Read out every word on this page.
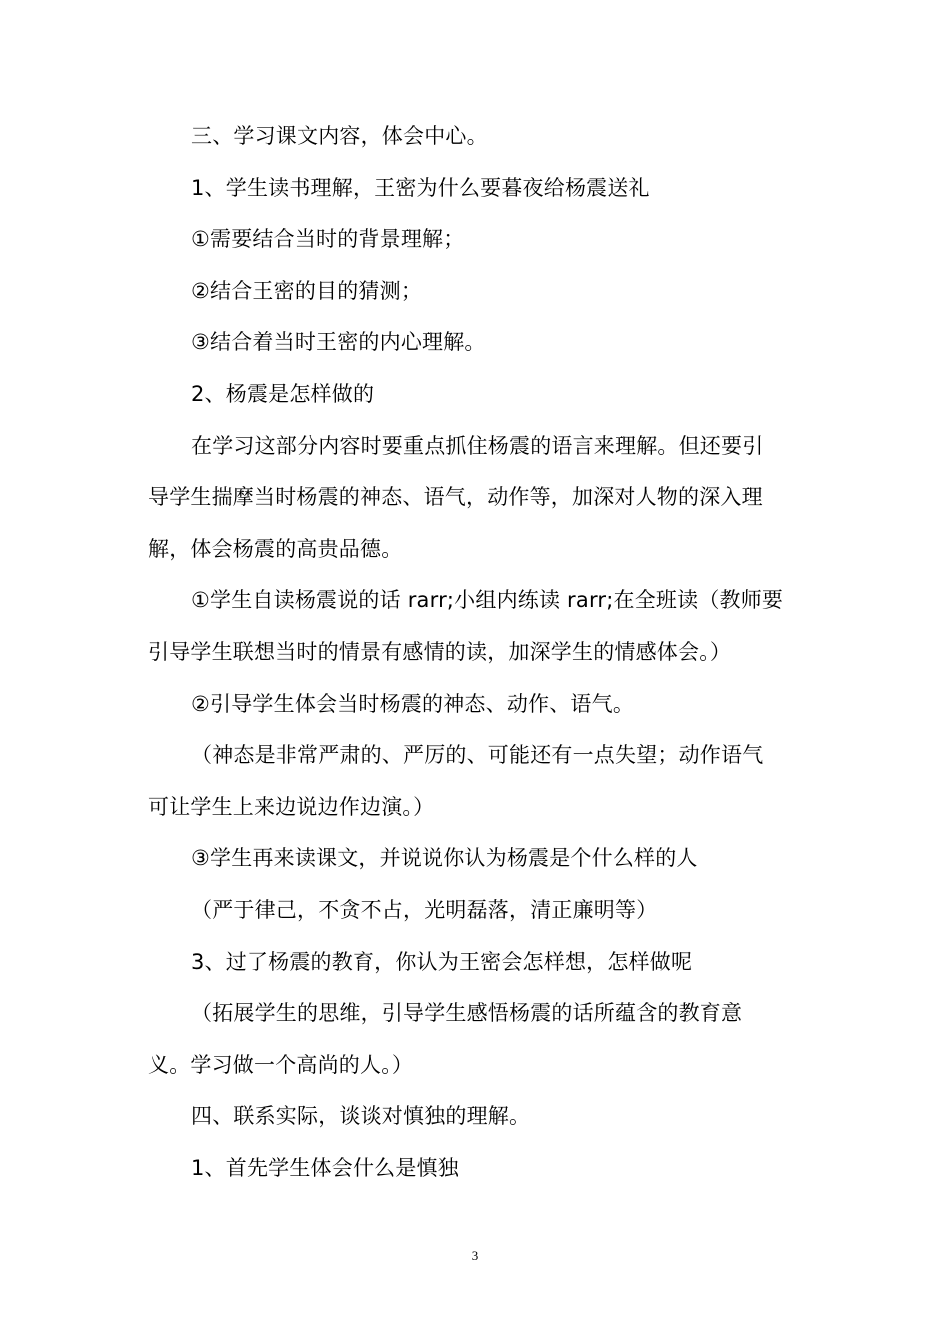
三、学习课文内容，体会中心。
1、学生读书理解，王密为什么要暮夜给杨震送礼
①需要结合当时的背景理解；
②结合王密的目的猜测；
③结合着当时王密的内心理解。
2、杨震是怎样做的
在学习这部分内容时要重点抓住杨震的语言来理解。但还要引
导学生揣摩当时杨震的神态、语气，动作等，加深对人物的深入理
解，体会杨震的高贵品德。
①学生自读杨震说的话 rarr;小组内练读 rarr;在全班读（教师要
引导学生联想当时的情景有感情的读，加深学生的情感体会。）
②引导学生体会当时杨震的神态、动作、语气。
（神态是非常严肃的、严厉的、可能还有一点失望；动作语气
可让学生上来边说边作边演。）
③学生再来读课文，并说说你认为杨震是个什么样的人
（严于律己，不贪不占，光明磊落，清正廉明等）
3、过了杨震的教育，你认为王密会怎样想，怎样做呢
（拓展学生的思维，引导学生感悟杨震的话所蕴含的教育意
义。学习做一个高尚的人。）
四、联系实际，谈谈对慎独的理解。
1、首先学生体会什么是慎独
3
